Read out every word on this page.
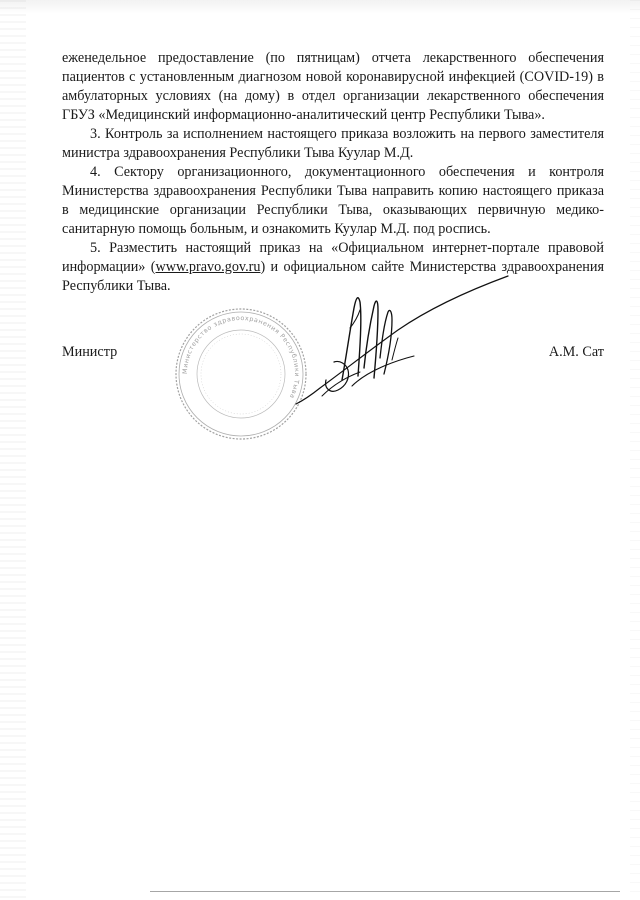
еженедельное предоставление (по пятницам) отчета лекарственного обеспечения пациентов с установленным диагнозом новой коронавирусной инфекцией (COVID-19) в амбулаторных условиях (на дому) в отдел организации лекарственного обеспечения ГБУЗ «Медицинский информационно-аналитический центр Республики Тыва».

3. Контроль за исполнением настоящего приказа возложить на первого заместителя министра здравоохранения Республики Тыва Куулар М.Д.

4. Сектору организационного, документационного обеспечения и контроля Министерства здравоохранения Республики Тыва направить копию настоящего приказа в медицинские организации Республики Тыва, оказывающих первичную медико-санитарную помощь больным, и ознакомить Куулар М.Д. под роспись.

5. Разместить настоящий приказ на «Официальном интернет-портале правовой информации» (www.pravo.gov.ru) и официальном сайте Министерства здравоохранения Республики Тыва.

Министерство здравоохранения Республики Тыва
Министр	А.М. Сат
